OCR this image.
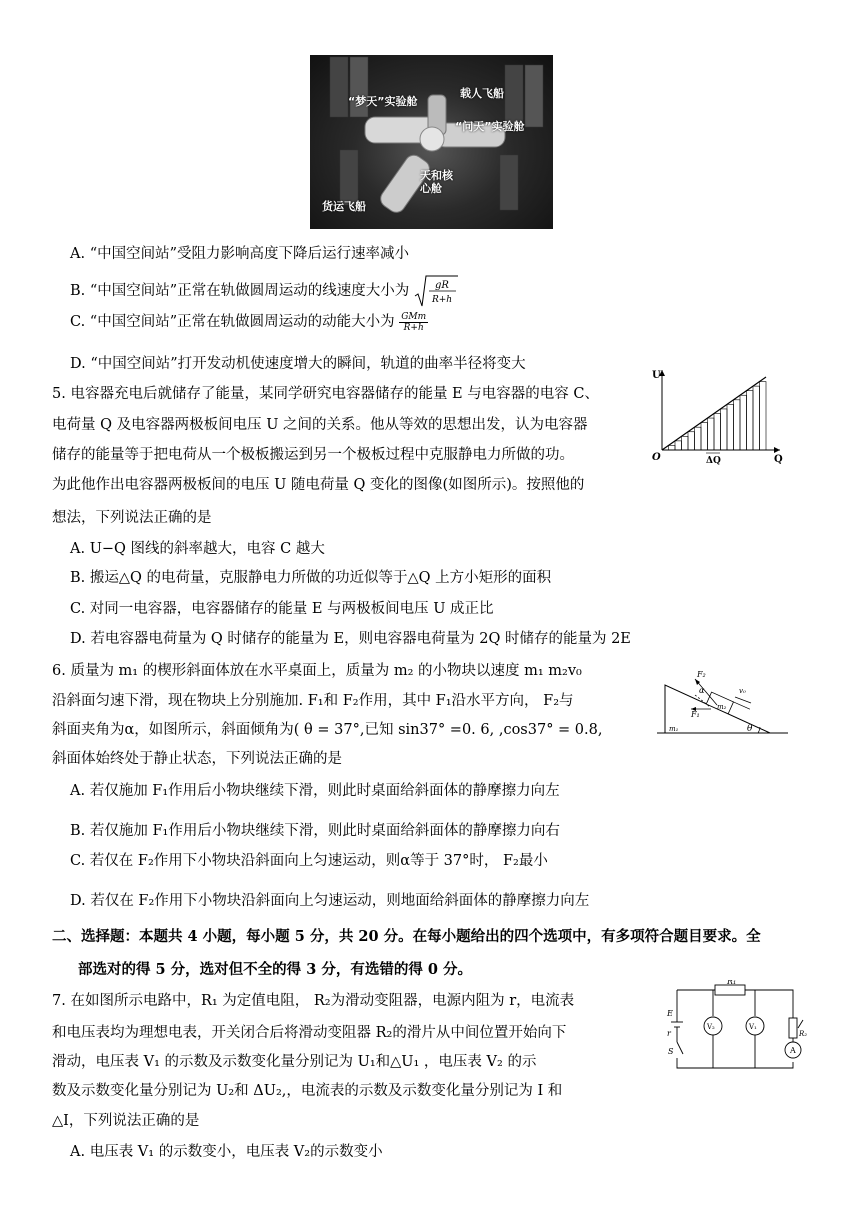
“梦天”实验舱
载人飞船
“问天”实验舱
天和核心舱
货运飞船
A. “中国空间站”受阻力影响高度下降后运行速率减小
B. “中国空间站”正常在轨做圆周运动的线速度大小为	gR
R+h
C. “中国空间站”正常在轨做圆周运动的动能大小为 $\frac{\text{GMm}}{R+h}$
D. “中国空间站”打开发动机使速度增大的瞬间，轨道的曲率半径将变大
5. 电容器充电后就储存了能量，某同学研究电容器储存的能量 E 与电容器的电容 C、
电荷量 Q 及电容器两极板间电压 U 之间的关系。他从等效的思想出发，认为电容器
储存的能量等于把电荷从一个极板搬运到另一个极板过程中克服静电力所做的功。
为此他作出电容器两极板间的电压 U 随电荷量 Q 变化的图像(如图所示)。按照他的
想法，下列说法正确的是
A. U−Q 图线的斜率越大，电容 C 越大
B. 搬运△Q 的电荷量，克服静电力所做的功近似等于△Q 上方小矩形的面积
C. 对同一电容器，电容器储存的能量 E 与两极板间电压 U 成正比
D. 若电容器电荷量为 Q 时储存的能量为 E，则电容器电荷量为 2Q 时储存的能量为 2E
U
Q
O	ΔQ
6. 质量为 m₁ 的楔形斜面体放在水平桌面上，质量为 m₂ 的小物块以速度 m₁ m₂v₀
沿斜面匀速下滑，现在物块上分别施加. F₁和 F₂作用，其中 F₁沿水平方向， F₂与
斜面夹角为α，如图所示，斜面倾角为( θ = 37°,已知 sin37° =0. 6, ,cos37° = 0.8,
斜面体始终处于静止状态，下列说法正确的是
A. 若仅施加 F₁作用后小物块继续下滑，则此时桌面给斜面体的静摩擦力向左
B. 若仅施加 F₁作用后小物块继续下滑，则此时桌面给斜面体的静摩擦力向右
C. 若仅在 F₂作用下小物块沿斜面向上匀速运动，则α等于 37°时， F₂最小
D. 若仅在 F₂作用下小物块沿斜面向上匀速运动，则地面给斜面体的静摩擦力向左
F₂
α
m₂
F₁
v₀
m₁	θ
二、选择题：本题共 4 小题，每小题 5 分，共 20 分。在每小题给出的四个选项中，有多项符合题目要求。全
部选对的得 5 分，选对但不全的得 3 分，有选错的得 0 分。
7. 在如图所示电路中，R₁ 为定值电阻， R₂为滑动变阻器，电源内阻为 r，电流表
和电压表均为理想电表，开关闭合后将滑动变阻器 R₂的滑片从中间位置开始向下
滑动，电压表 V₁ 的示数及示数变化量分别记为 U₁和△U₁ ，电压表 V₂ 的示
数及示数变化量分别记为 U₂和 ΔU₂,，电流表的示数及示数变化量分别记为 I 和
△I，下列说法正确的是
A. 电压表 V₁ 的示数变小，电压表 V₂的示数变小
R₁
E
r
V₂	V₁
R₂
A
S
